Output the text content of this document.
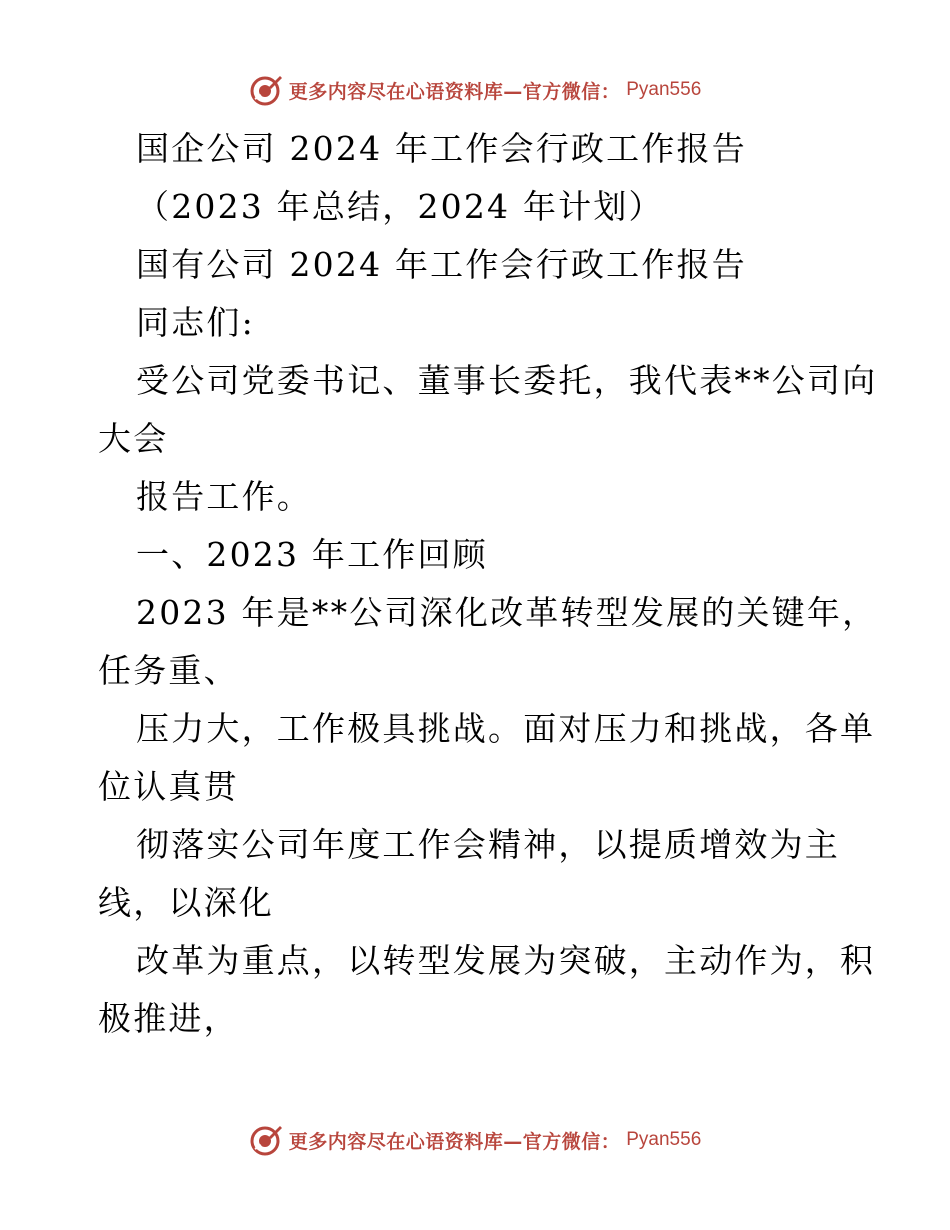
更多内容尽在心语资料库—官方微信： Pyan556
国企公司 2024 年工作会行政工作报告
（2023 年总结，2024 年计划）
国有公司 2024 年工作会行政工作报告
同志们:
受公司党委书记、董事长委托，我代表**公司向
大会
报告工作。
一、2023 年工作回顾
2023 年是**公司深化改革转型发展的关键年，
任务重、
压力大，工作极具挑战。面对压力和挑战，各单
位认真贯
彻落实公司年度工作会精神，以提质增效为主
线，以深化
改革为重点，以转型发展为突破，主动作为，积
极推进，
更多内容尽在心语资料库—官方微信： Pyan556
